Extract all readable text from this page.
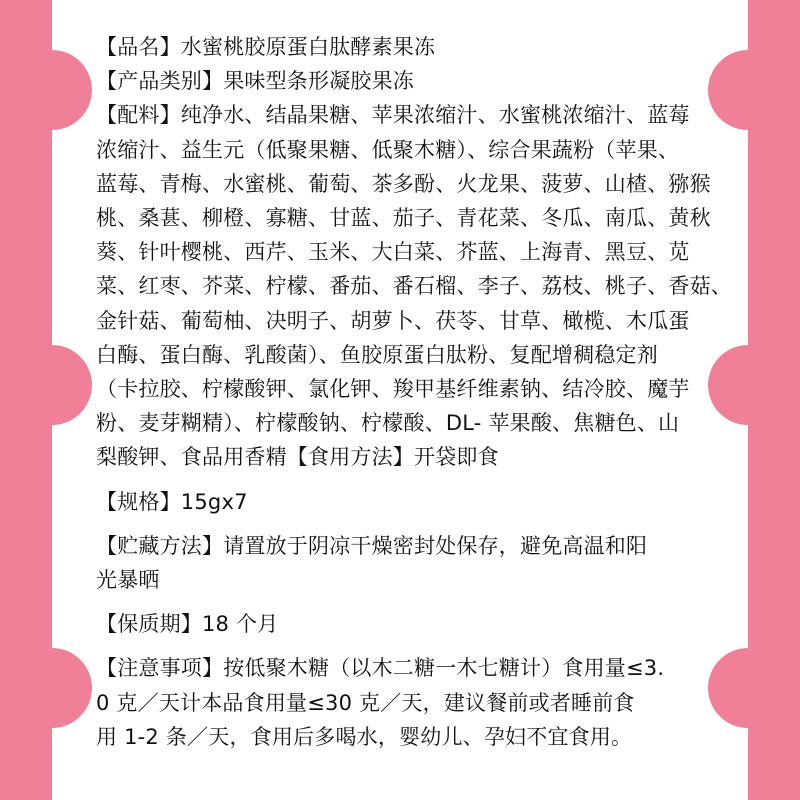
【品名】水蜜桃胶原蛋白肽酵素果冻
【产品类别】果味型条形凝胶果冻
【配料】纯净水、结晶果糖、苹果浓缩汁、水蜜桃浓缩汁、蓝莓
浓缩汁、益生元（低聚果糖、低聚木糖）、综合果蔬粉（苹果、
蓝莓、青梅、水蜜桃、葡萄、茶多酚、火龙果、菠萝、山楂、猕猴
桃、桑葚、柳橙、寡糖、甘蓝、茄子、青花菜、冬瓜、南瓜、黄秋
葵、针叶樱桃、西芹、玉米、大白菜、芥蓝、上海青、黑豆、苋
菜、红枣、芥菜、柠檬、番茄、番石榴、李子、荔枝、桃子、香菇、
金针菇、葡萄柚、决明子、胡萝卜、茯苓、甘草、橄榄、木瓜蛋
白酶、蛋白酶、乳酸菌）、鱼胶原蛋白肽粉、复配增稠稳定剂
（卡拉胶、柠檬酸钾、氯化钾、羧甲基纤维素钠、结冷胶、魔芋
粉、麦芽糊精）、柠檬酸钠、柠檬酸、DL- 苹果酸、焦糖色、山
梨酸钾、食品用香精【食用方法】开袋即食
【规格】15gx7
【贮藏方法】请置放于阴凉干燥密封处保存，避免高温和阳
光暴晒
【保质期】18 个月
【注意事项】按低聚木糖（以木二糖一木七糖计）食用量≤3.
0 克／天计本品食用量≤30 克／天，建议餐前或者睡前食
用 1-2 条／天，食用后多喝水，婴幼儿、孕妇不宜食用。
